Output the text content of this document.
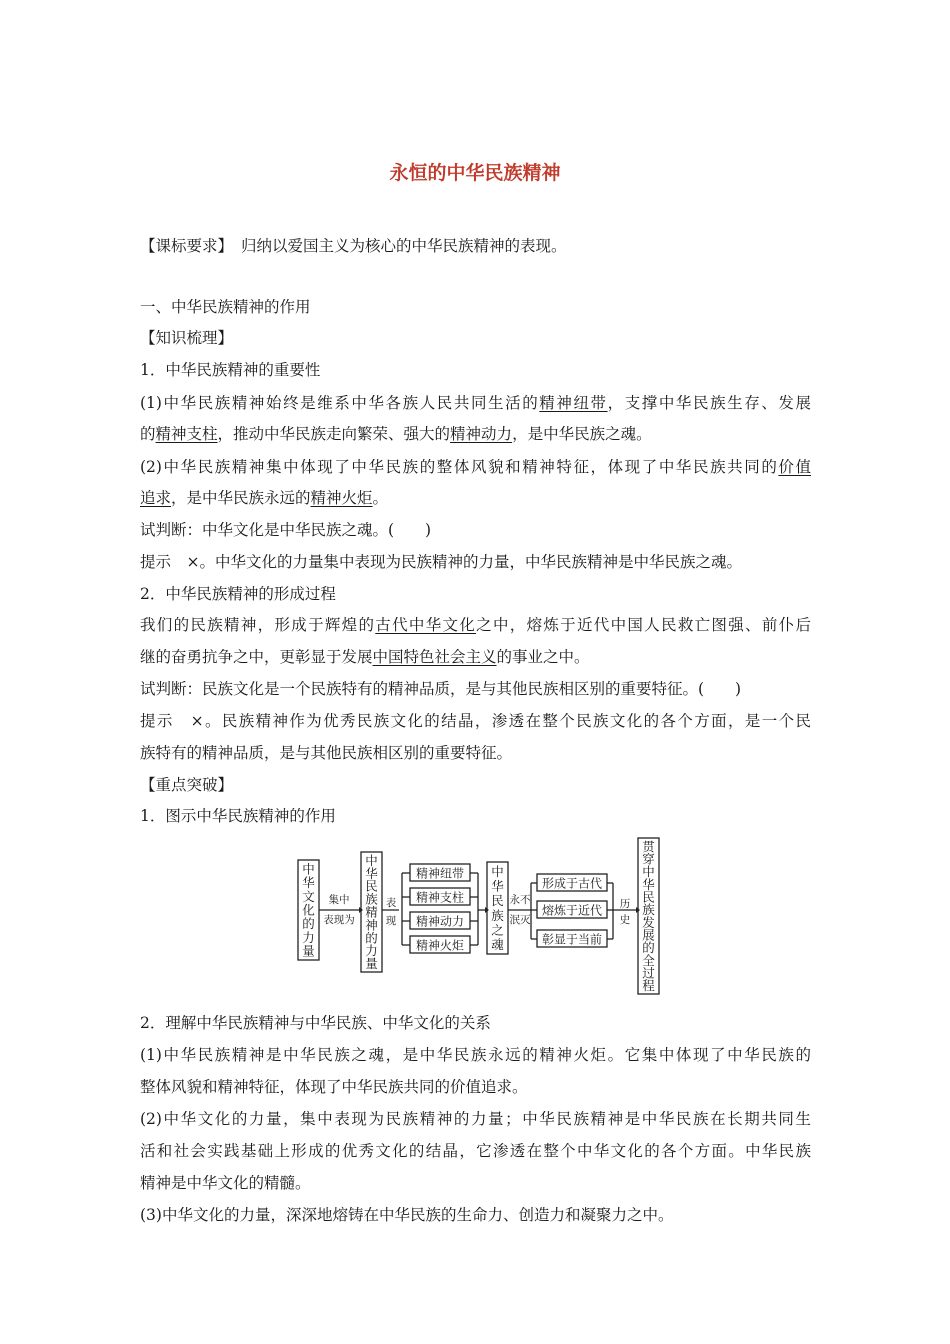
永恒的中华民族精神
【课标要求】 归纳以爱国主义为核心的中华民族精神的表现。
一、中华民族精神的作用
【知识梳理】
1．中华民族精神的重要性
(1)中华民族精神始终是维系中华各族人民共同生活的精神纽带，支撑中华民族生存、发展
的精神支柱，推动中华民族走向繁荣、强大的精神动力，是中华民族之魂。
(2)中华民族精神集中体现了中华民族的整体风貌和精神特征，体现了中华民族共同的价值
追求，是中华民族永远的精神火炬。
试判断：中华文化是中华民族之魂。(　　)
提示　×。中华文化的力量集中表现为民族精神的力量，中华民族精神是中华民族之魂。
2．中华民族精神的形成过程
我们的民族精神，形成于辉煌的古代中华文化之中，熔炼于近代中国人民救亡图强、前仆后
继的奋勇抗争之中，更彰显于发展中国特色社会主义的事业之中。
试判断：民族文化是一个民族特有的精神品质，是与其他民族相区别的重要特征。(　　)
提示　×。民族精神作为优秀民族文化的结晶，渗透在整个民族文化的各个方面，是一个民
族特有的精神品质，是与其他民族相区别的重要特征。
【重点突破】
1．图示中华民族精神的作用
中
华
文
化
的
力
量
集中
表现为
中
华
民
族
精
神
的
力
量
表
现
精神纽带
精神支柱
精神动力
精神火炬
中
华
民
族
之
魂
永不
泯灭
形成于古代
熔炼于近代
彰显于当前
历
史
贯
穿
中
华
民
族
发
展
的
全
过
程
2．理解中华民族精神与中华民族、中华文化的关系
(1)中华民族精神是中华民族之魂，是中华民族永远的精神火炬。它集中体现了中华民族的
整体风貌和精神特征，体现了中华民族共同的价值追求。
(2)中华文化的力量，集中表现为民族精神的力量；中华民族精神是中华民族在长期共同生
活和社会实践基础上形成的优秀文化的结晶，它渗透在整个中华文化的各个方面。中华民族
精神是中华文化的精髓。
(3)中华文化的力量，深深地熔铸在中华民族的生命力、创造力和凝聚力之中。
